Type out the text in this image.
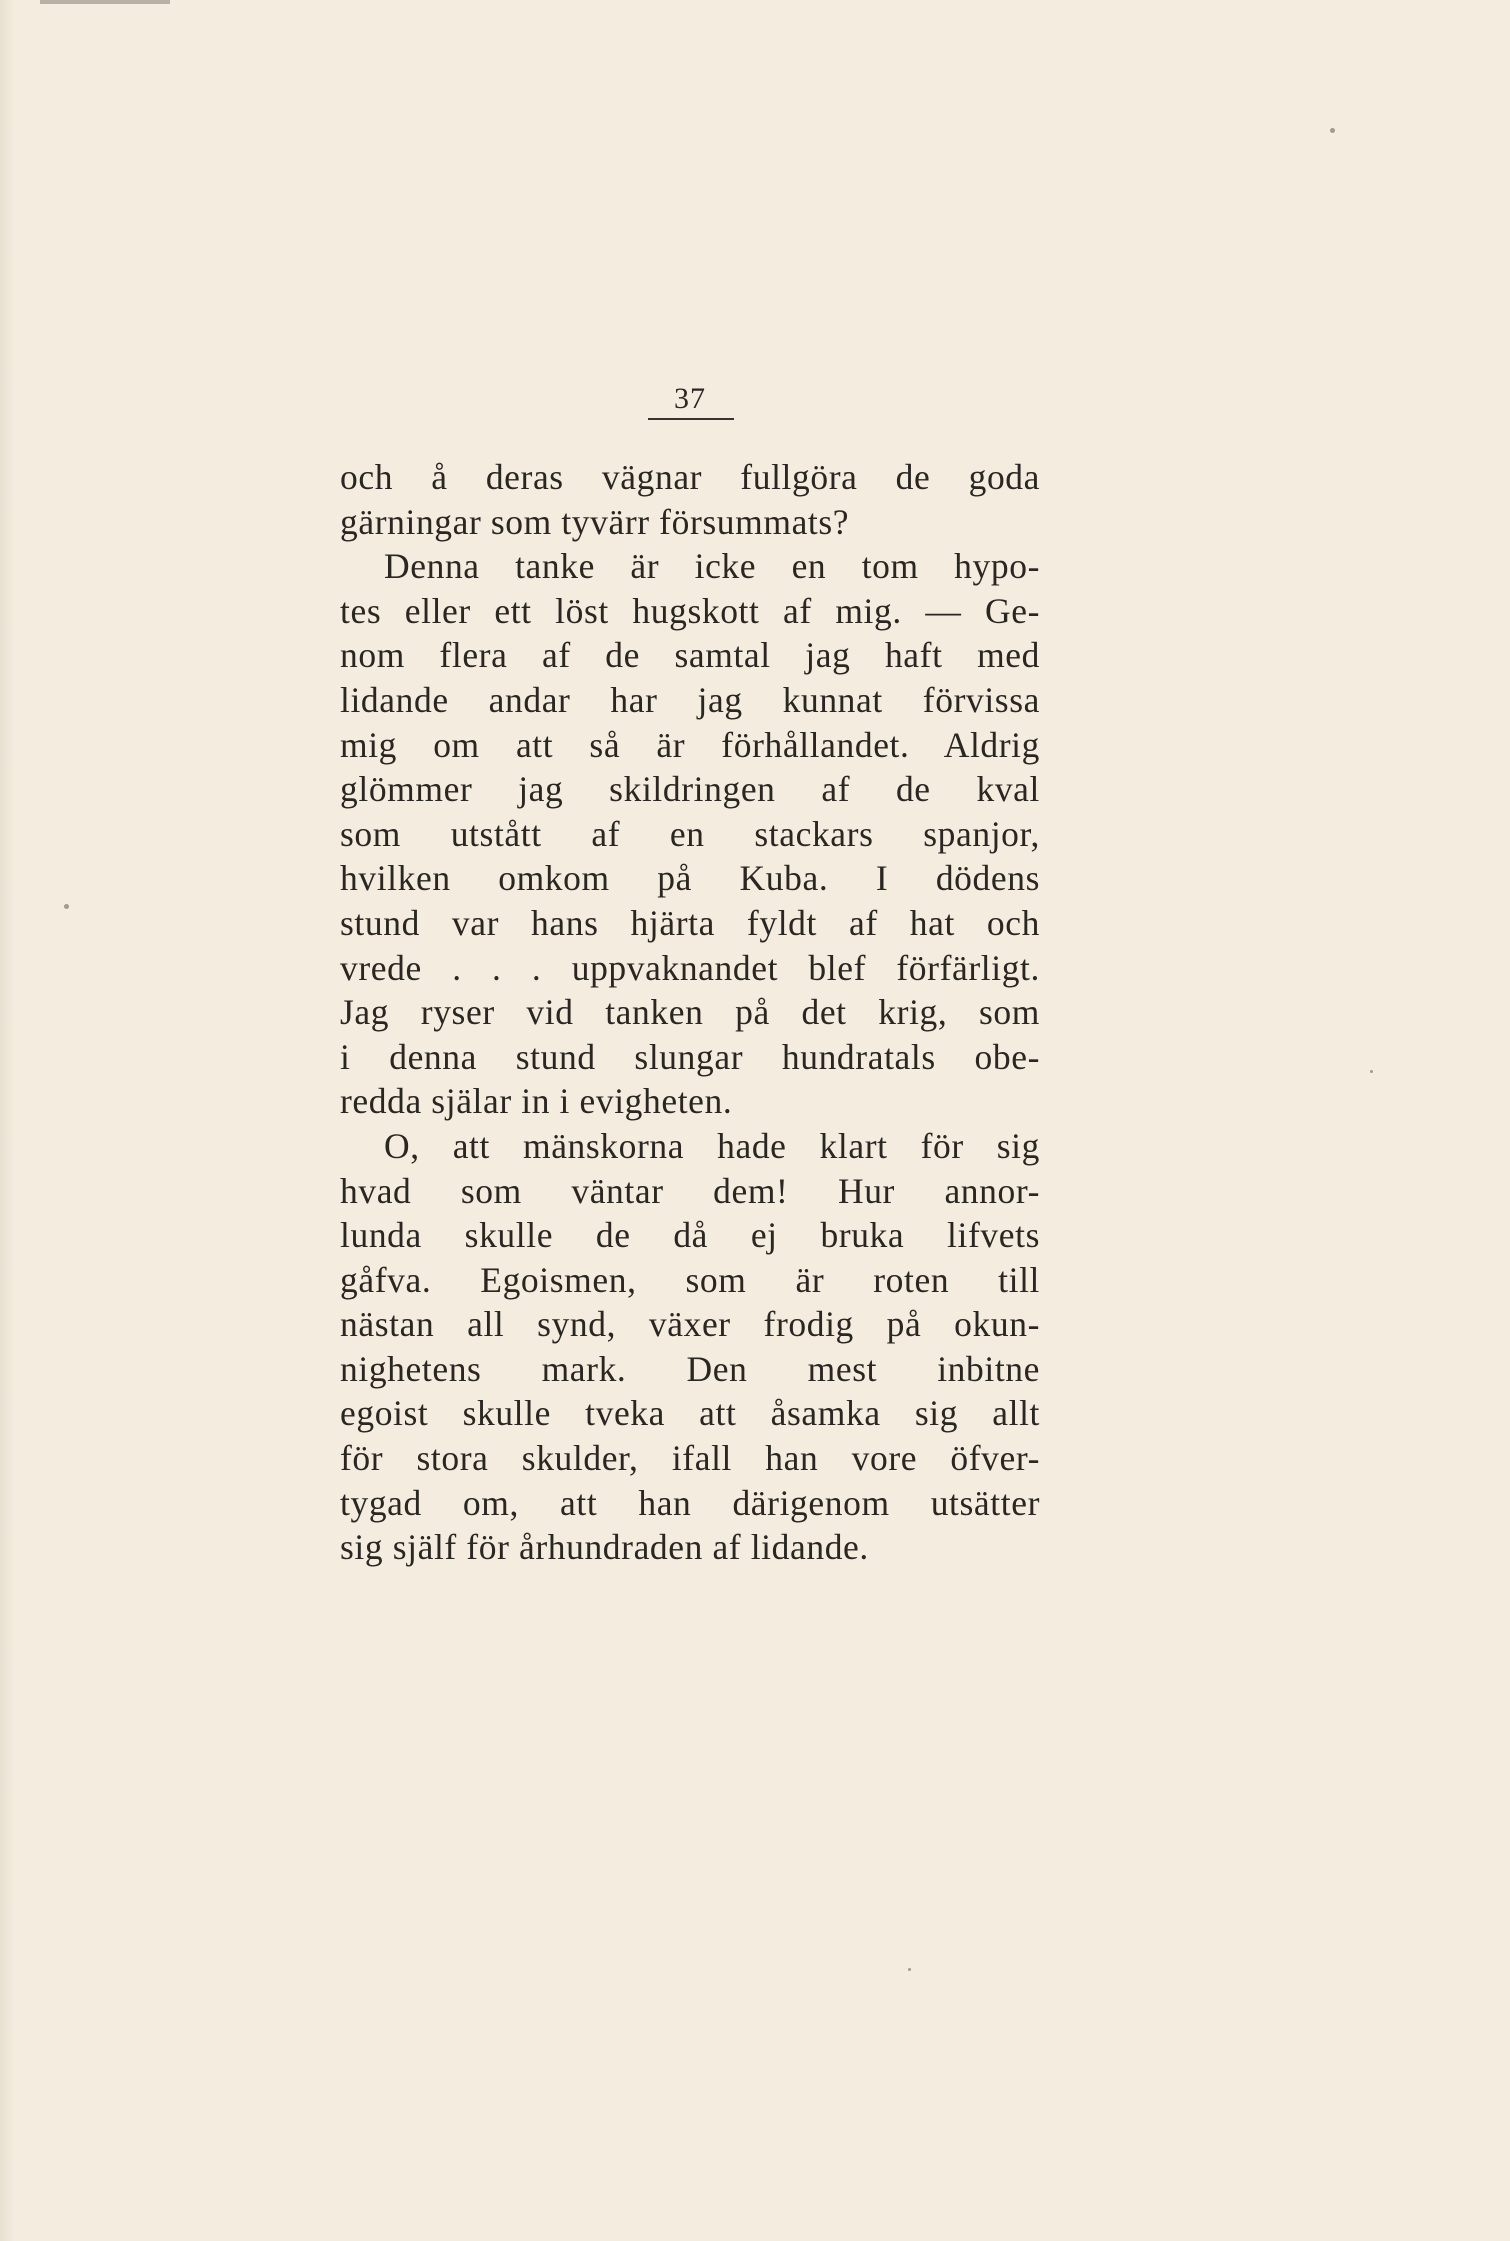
37
och å deras vägnar fullgöra de goda
gärningar som tyvärr försummats?
Denna tanke är icke en tom hypo-
tes eller ett löst hugskott af mig. — Ge-
nom flera af de samtal jag haft med
lidande andar har jag kunnat förvissa
mig om att så är förhållandet. Aldrig
glömmer jag skildringen af de kval
som utstått af en stackars spanjor,
hvilken omkom på Kuba. I dödens
stund var hans hjärta fyldt af hat och
vrede . . . uppvaknandet blef förfärligt.
Jag ryser vid tanken på det krig, som
i denna stund slungar hundratals obe-
redda själar in i evigheten.
O, att mänskorna hade klart för sig
hvad som väntar dem! Hur annor-
lunda skulle de då ej bruka lifvets
gåfva. Egoismen, som är roten till
nästan all synd, växer frodig på okun-
nighetens mark. Den mest inbitne
egoist skulle tveka att åsamka sig allt
för stora skulder, ifall han vore öfver-
tygad om, att han därigenom utsätter
sig själf för århundraden af lidande.
